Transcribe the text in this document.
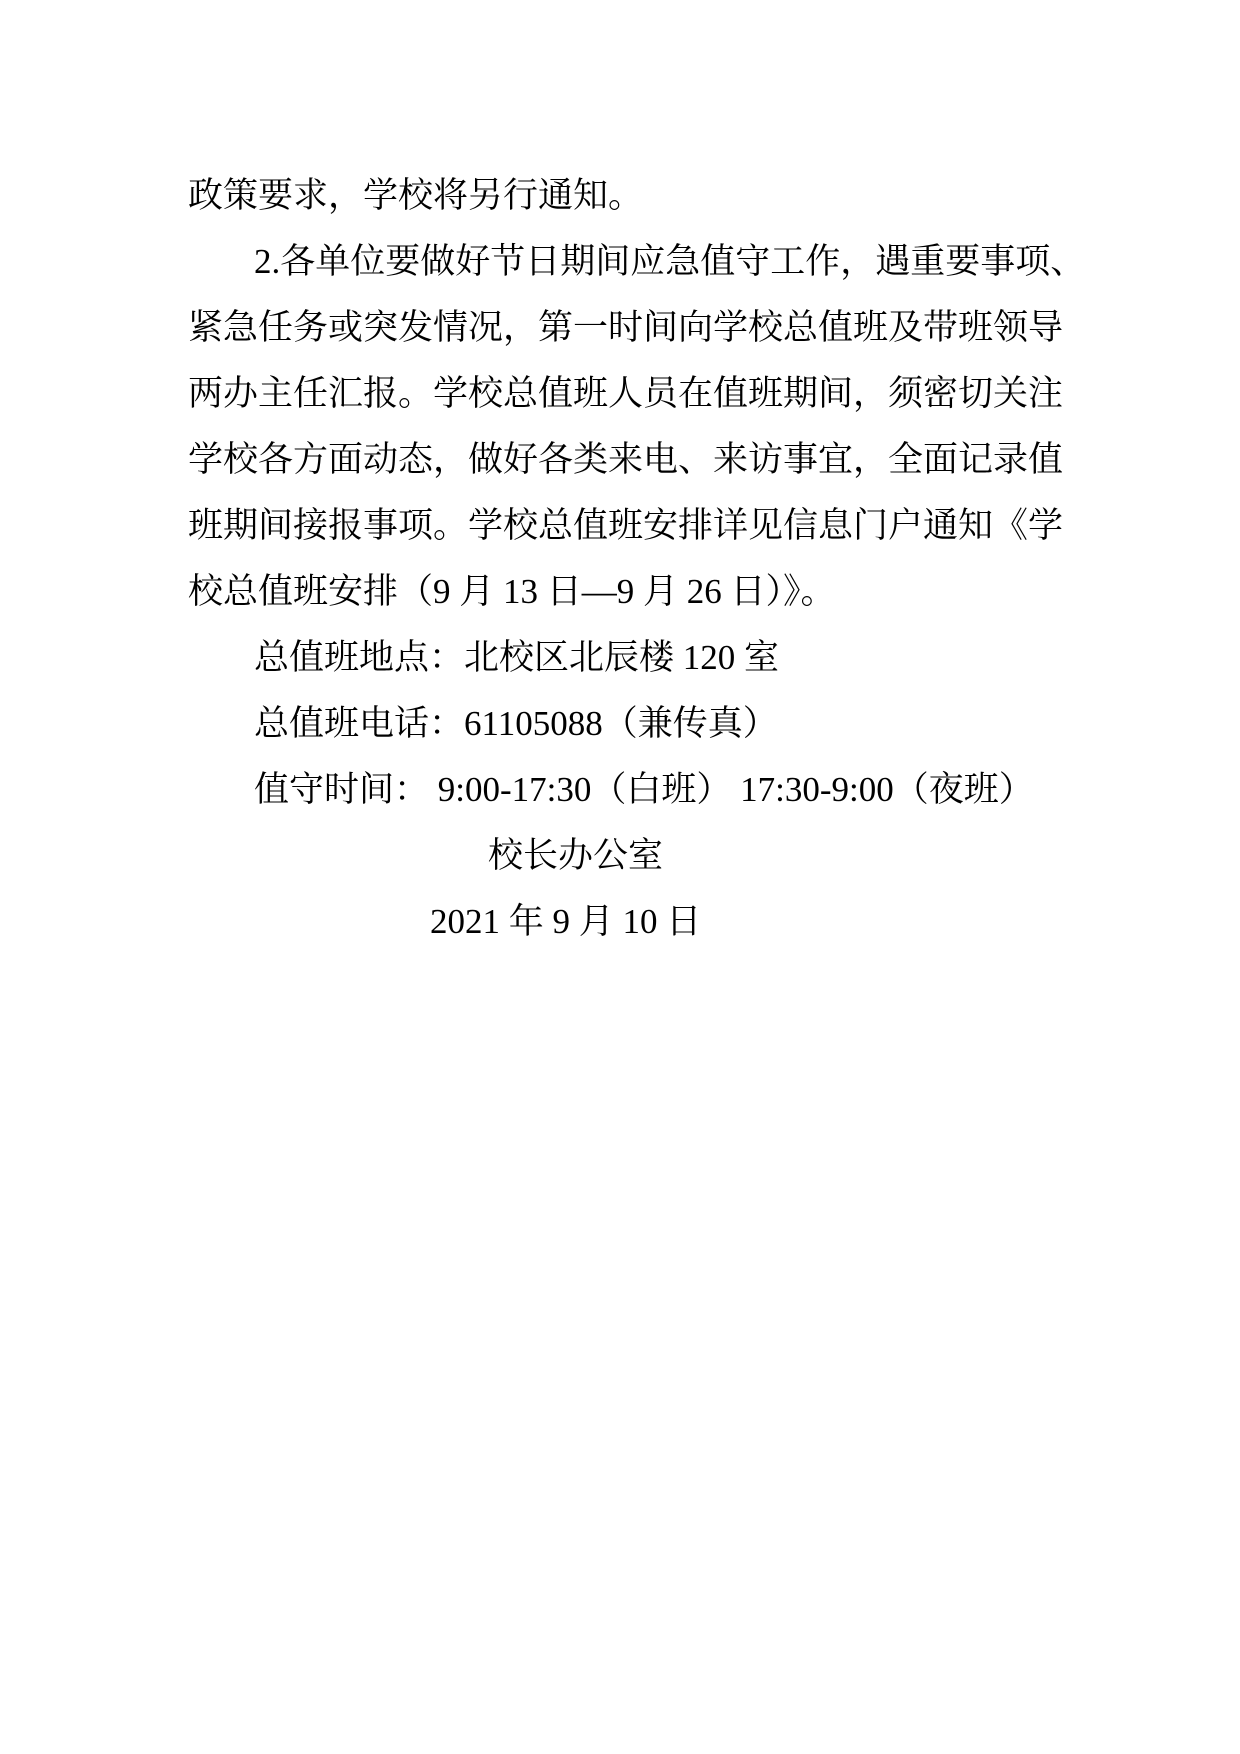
政策要求，学校将另行通知。
2.各单位要做好节日期间应急值守工作，遇重要事项、
紧急任务或突发情况，第一时间向学校总值班及带班领导
两办主任汇报。学校总值班人员在值班期间，须密切关注
学校各方面动态，做好各类来电、来访事宜，全面记录值
班期间接报事项。学校总值班安排详见信息门户通知《学
校总值班安排（9 月 13 日—9 月 26 日）》。
总值班地点：北校区北辰楼 120 室
总值班电话：61105088（兼传真）
值守时间： 9:00-17:30（白班） 17:30-9:00（夜班）
校长办公室
2021 年 9 月 10 日
